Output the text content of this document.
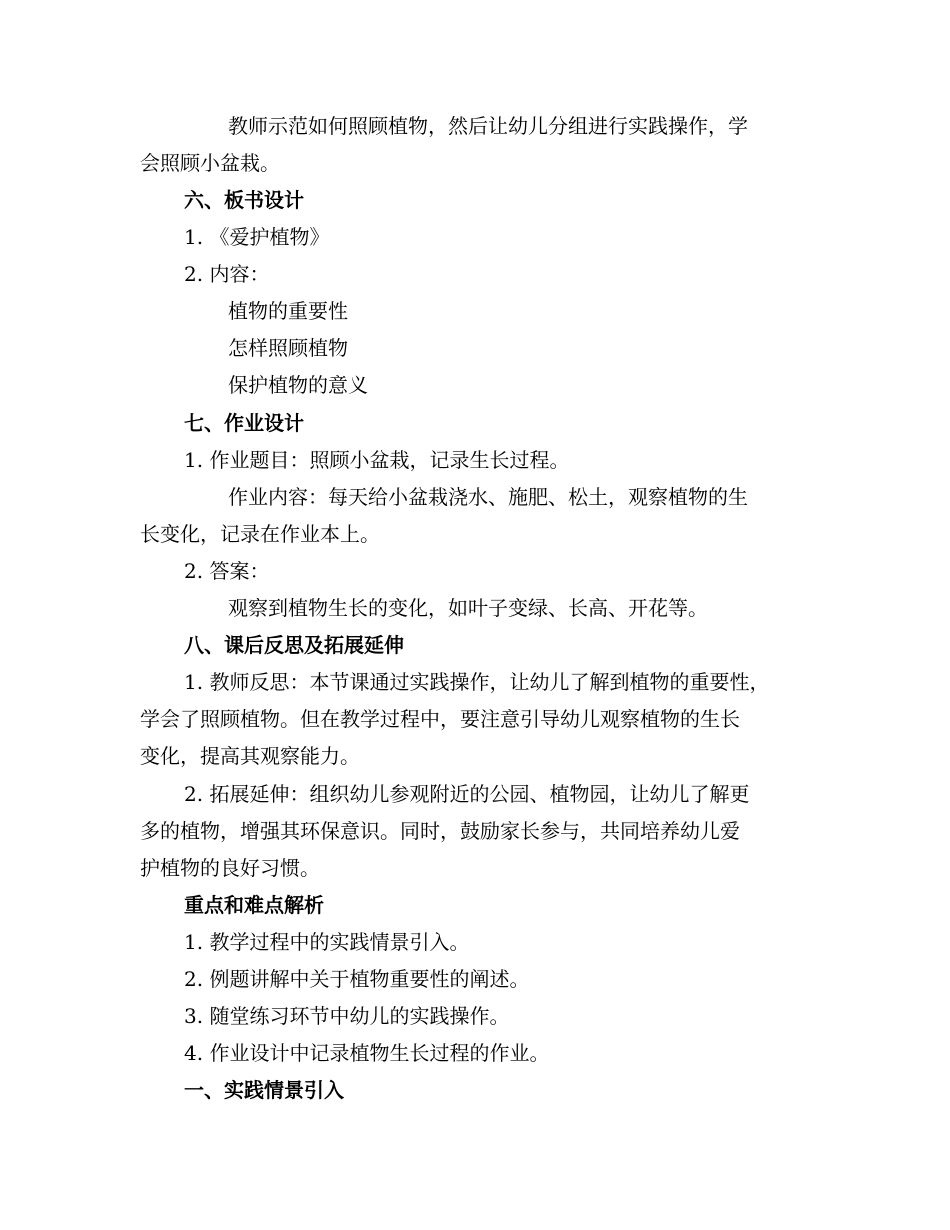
教师示范如何照顾植物，然后让幼儿分组进行实践操作，学
会照顾小盆栽。
六、板书设计
1. 《爱护植物》
2. 内容：
植物的重要性
怎样照顾植物
保护植物的意义
七、作业设计
1. 作业题目：照顾小盆栽，记录生长过程。
作业内容：每天给小盆栽浇水、施肥、松土，观察植物的生
长变化，记录在作业本上。
2. 答案：
观察到植物生长的变化，如叶子变绿、长高、开花等。
八、课后反思及拓展延伸
1. 教师反思：本节课通过实践操作，让幼儿了解到植物的重要性，
学会了照顾植物。但在教学过程中，要注意引导幼儿观察植物的生长
变化，提高其观察能力。
2. 拓展延伸：组织幼儿参观附近的公园、植物园，让幼儿了解更
多的植物，增强其环保意识。同时，鼓励家长参与，共同培养幼儿爱
护植物的良好习惯。
重点和难点解析
1. 教学过程中的实践情景引入。
2. 例题讲解中关于植物重要性的阐述。
3. 随堂练习环节中幼儿的实践操作。
4. 作业设计中记录植物生长过程的作业。
一、实践情景引入
